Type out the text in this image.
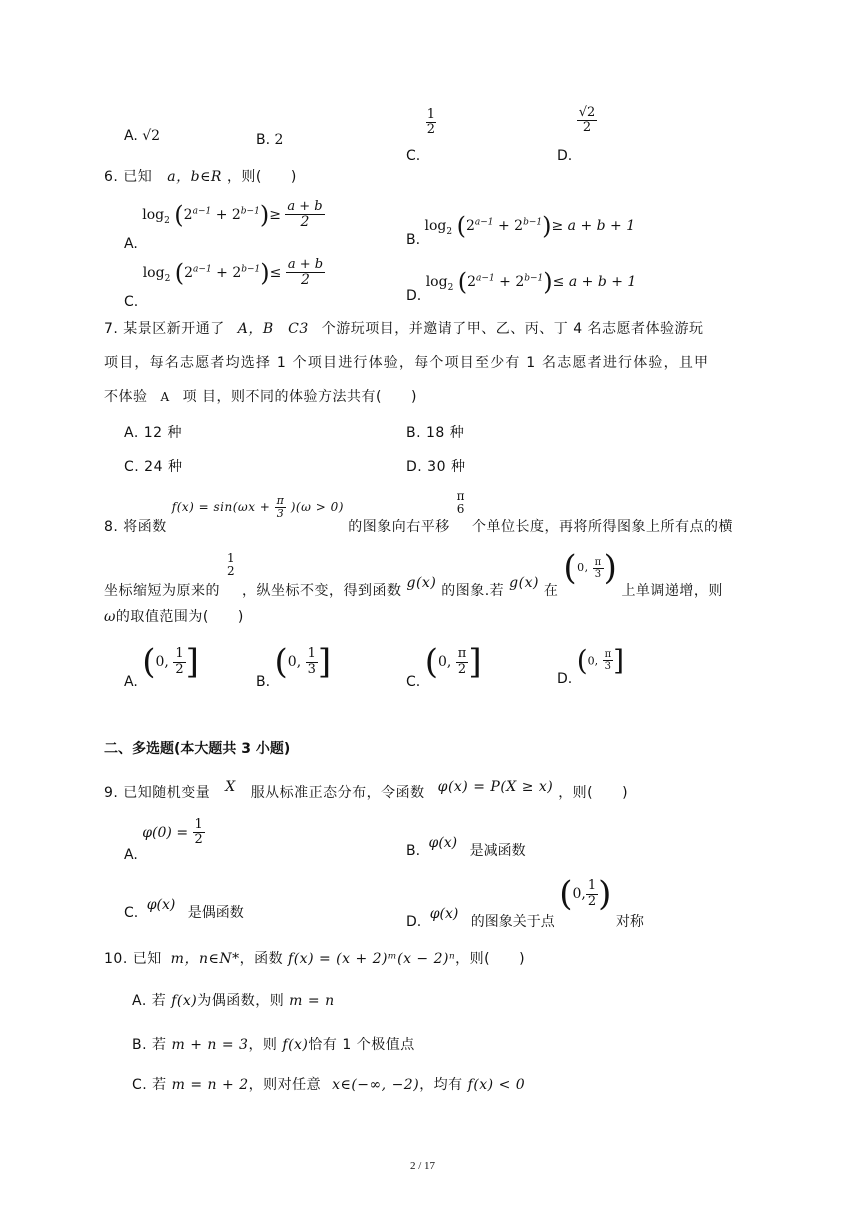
A. √2	B. 2
C.
$\frac{1}{2}$
D.
$\frac{√2}{2}$
6. 已知 a，b∈R ，则(　　)
A. $\log_2 (2^{a-1} + 2^{b-1})\ge \frac{a + b}{2}$
B. $\log_2 (2^{a-1} + 2^{b-1})\ge a + b + 1$
C. $\log_2 (2^{a-1} + 2^{b-1})\le \frac{a + b}{2}$
D. $\log_2 (2^{a-1} + 2^{b-1})\le a + b + 1$
7. 某景区新开通了 A，B　C3 个游玩项目，并邀请了甲、乙、丙、丁 4 名志愿者体验游玩
项目，每名志愿者均选择 1 个项目进行体验，每个项目至少有 1 名志愿者进行体验，且甲
不体验 A 项 目，则不同的体验方法共有(　　)
A. 12 种	B. 18 种
C. 24 种	D. 30 种
8. 将函数 $f(x) = \sin(\omega x + \frac{\pi}{3} )(\omega > 0)$ 的图象向右平移
π
6
个单位长度，再将所得图象上所有点的横
坐标缩短为原来的
1
2
，纵坐标不变，得到函数 g(x) 的图象.若 g(x) 在 (0, $\frac{\pi}{3}$ ) 上单调递增，则
ω的取值范围为(　　)
A. (0, $\frac{1}{2}$ ]	B. (0, $\frac{1}{3}$ ]	C. (0, $\frac{\pi}{2}$ ]	D. (0, $\frac{\pi}{3}$ ]
二、多选题(本大题共 3 小题)
9. 已知随机变量 X 服从标准正态分布，令函数 φ(x) = P(X ≥ x) ，则(　　)
A. $\varphi(0) = \frac{1}{2}$
B. φ(x) 是减函数
C. φ(x) 是偶函数
D. φ(x) 的图象关于点 (0, $\frac{1}{2}$ ) 对称
10. 已知 m，n∈N*，函数 f(x) = (x + 2)ᵐ(x − 2)ⁿ，则(　　)
A. 若 f(x)为偶函数，则 m = n
B. 若 m + n = 3，则 f(x)恰有 1 个极值点
C. 若 m = n + 2，则对任意 x∈(−∞, −2)，均有 f(x) < 0
2 / 17
